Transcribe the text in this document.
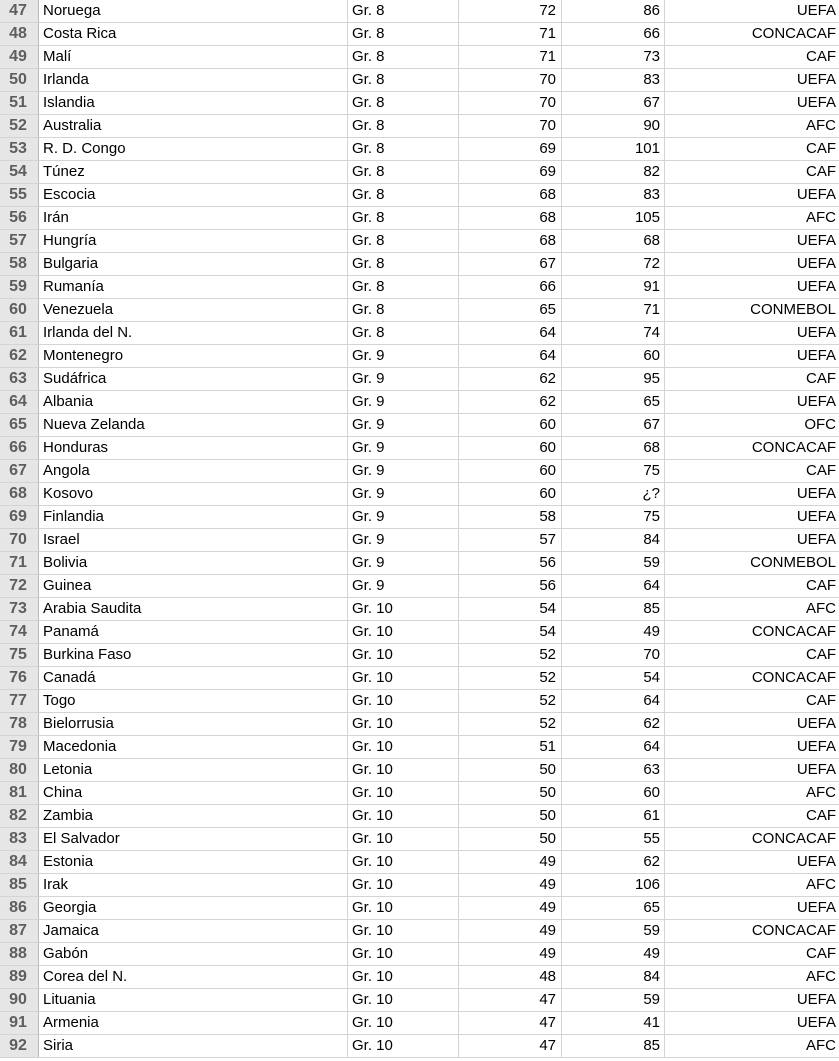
47	Noruega	Gr. 8	72	86	UEFA
48	Costa Rica	Gr. 8	71	66	CONCACAF
49	Malí	Gr. 8	71	73	CAF
50	Irlanda	Gr. 8	70	83	UEFA
51	Islandia	Gr. 8	70	67	UEFA
52	Australia	Gr. 8	70	90	AFC
53	R. D. Congo	Gr. 8	69	101	CAF
54	Túnez	Gr. 8	69	82	CAF
55	Escocia	Gr. 8	68	83	UEFA
56	Irán	Gr. 8	68	105	AFC
57	Hungría	Gr. 8	68	68	UEFA
58	Bulgaria	Gr. 8	67	72	UEFA
59	Rumanía	Gr. 8	66	91	UEFA
60	Venezuela	Gr. 8	65	71	CONMEBOL
61	Irlanda del N.	Gr. 8	64	74	UEFA
62	Montenegro	Gr. 9	64	60	UEFA
63	Sudáfrica	Gr. 9	62	95	CAF
64	Albania	Gr. 9	62	65	UEFA
65	Nueva Zelanda	Gr. 9	60	67	OFC
66	Honduras	Gr. 9	60	68	CONCACAF
67	Angola	Gr. 9	60	75	CAF
68	Kosovo	Gr. 9	60	¿?	UEFA
69	Finlandia	Gr. 9	58	75	UEFA
70	Israel	Gr. 9	57	84	UEFA
71	Bolivia	Gr. 9	56	59	CONMEBOL
72	Guinea	Gr. 9	56	64	CAF
73	Arabia Saudita	Gr. 10	54	85	AFC
74	Panamá	Gr. 10	54	49	CONCACAF
75	Burkina Faso	Gr. 10	52	70	CAF
76	Canadá	Gr. 10	52	54	CONCACAF
77	Togo	Gr. 10	52	64	CAF
78	Bielorrusia	Gr. 10	52	62	UEFA
79	Macedonia	Gr. 10	51	64	UEFA
80	Letonia	Gr. 10	50	63	UEFA
81	China	Gr. 10	50	60	AFC
82	Zambia	Gr. 10	50	61	CAF
83	El Salvador	Gr. 10	50	55	CONCACAF
84	Estonia	Gr. 10	49	62	UEFA
85	Irak	Gr. 10	49	106	AFC
86	Georgia	Gr. 10	49	65	UEFA
87	Jamaica	Gr. 10	49	59	CONCACAF
88	Gabón	Gr. 10	49	49	CAF
89	Corea del N.	Gr. 10	48	84	AFC
90	Lituania	Gr. 10	47	59	UEFA
91	Armenia	Gr. 10	47	41	UEFA
92	Siria	Gr. 10	47	85	AFC
